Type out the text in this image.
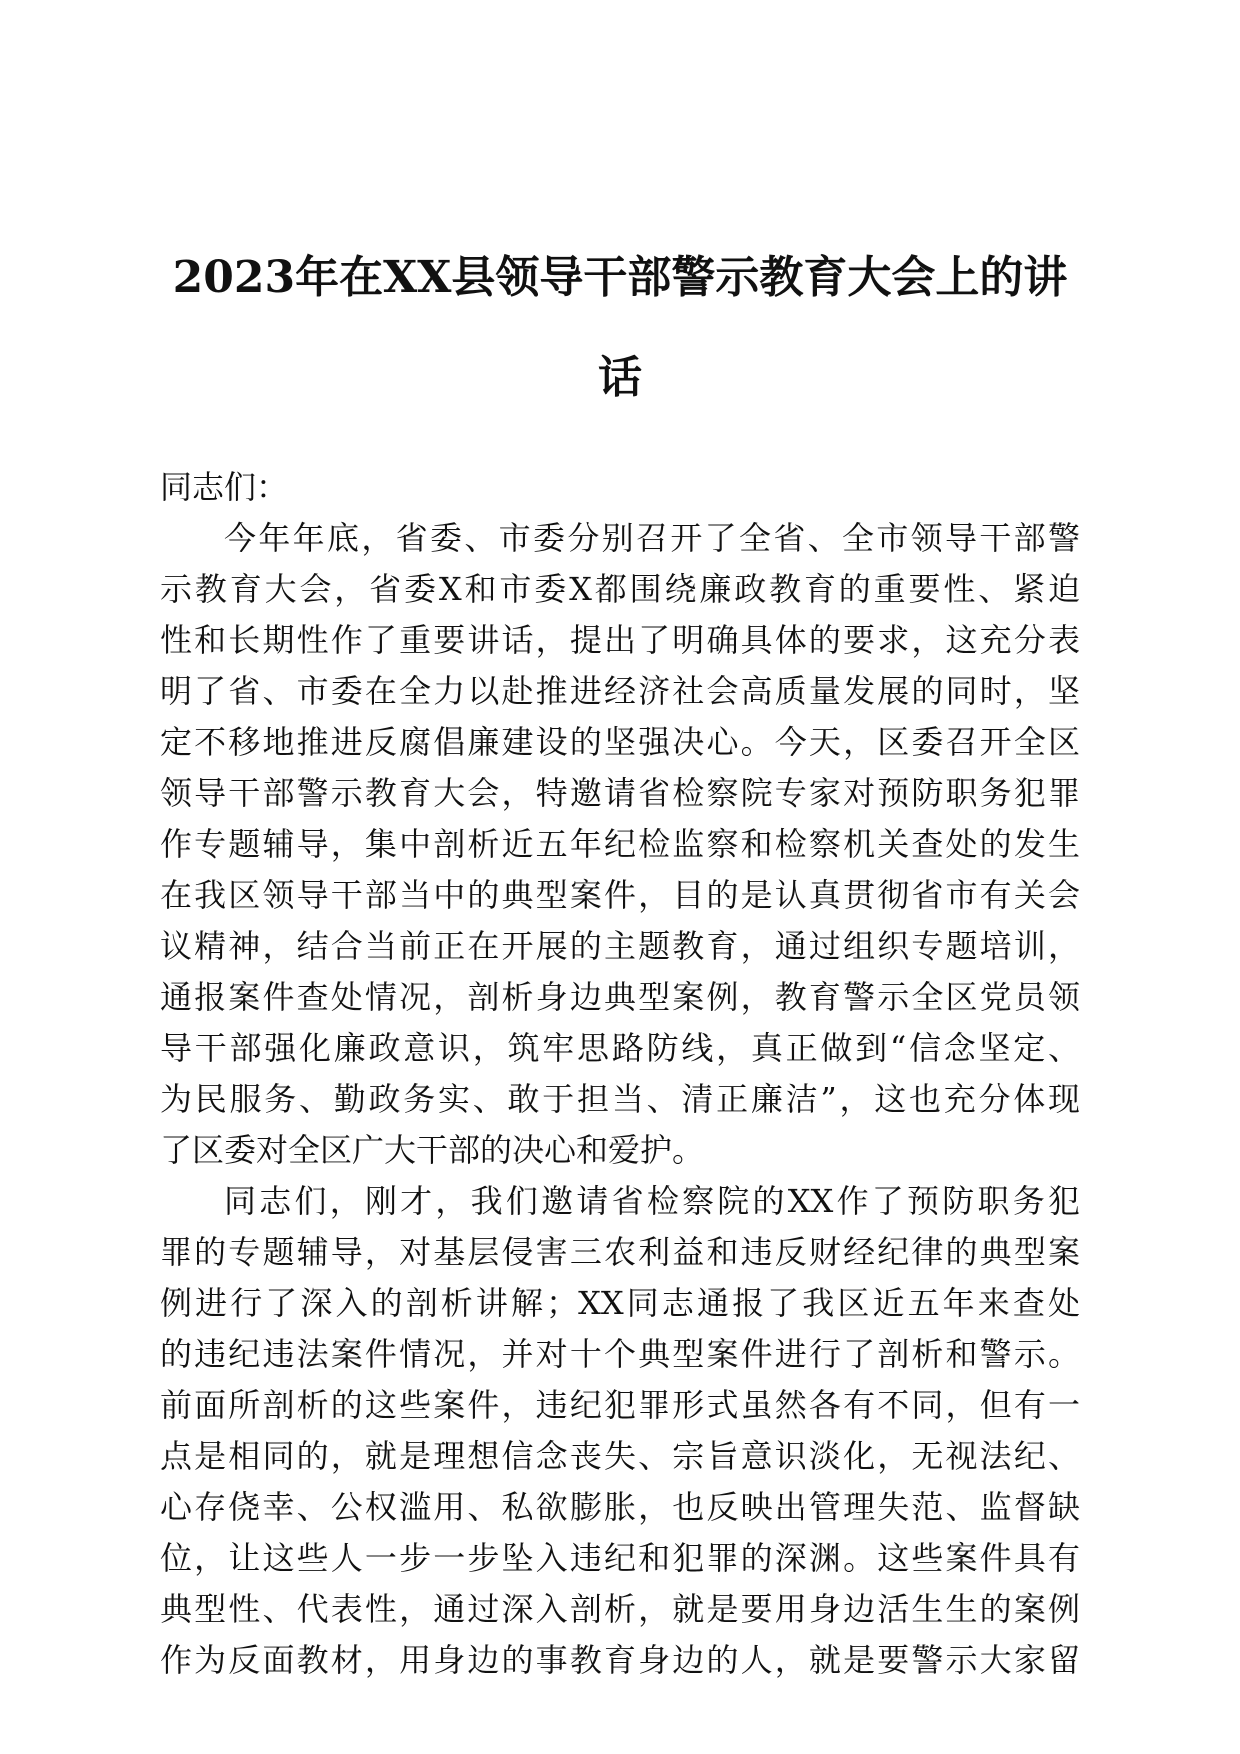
2023年在XX县领导干部警示教育大会上的讲
话
同志们：
今年年底，省委、市委分别召开了全省、全市领导干部警
示教育大会，省委X和市委X都围绕廉政教育的重要性、紧迫
性和长期性作了重要讲话，提出了明确具体的要求，这充分表
明了省、市委在全力以赴推进经济社会高质量发展的同时，坚
定不移地推进反腐倡廉建设的坚强决心。今天，区委召开全区
领导干部警示教育大会，特邀请省检察院专家对预防职务犯罪
作专题辅导，集中剖析近五年纪检监察和检察机关查处的发生
在我区领导干部当中的典型案件，目的是认真贯彻省市有关会
议精神，结合当前正在开展的主题教育，通过组织专题培训，
通报案件查处情况，剖析身边典型案例，教育警示全区党员领
导干部强化廉政意识，筑牢思路防线，真正做到“信念坚定、
为民服务、勤政务实、敢于担当、清正廉洁”，这也充分体现
了区委对全区广大干部的决心和爱护。
同志们，刚才，我们邀请省检察院的XX作了预防职务犯
罪的专题辅导，对基层侵害三农利益和违反财经纪律的典型案
例进行了深入的剖析讲解；XX同志通报了我区近五年来查处
的违纪违法案件情况，并对十个典型案件进行了剖析和警示。
前面所剖析的这些案件，违纪犯罪形式虽然各有不同，但有一
点是相同的，就是理想信念丧失、宗旨意识淡化，无视法纪、
心存侥幸、公权滥用、私欲膨胀，也反映出管理失范、监督缺
位，让这些人一步一步坠入违纪和犯罪的深渊。这些案件具有
典型性、代表性，通过深入剖析，就是要用身边活生生的案例
作为反面教材，用身边的事教育身边的人，就是要警示大家留
